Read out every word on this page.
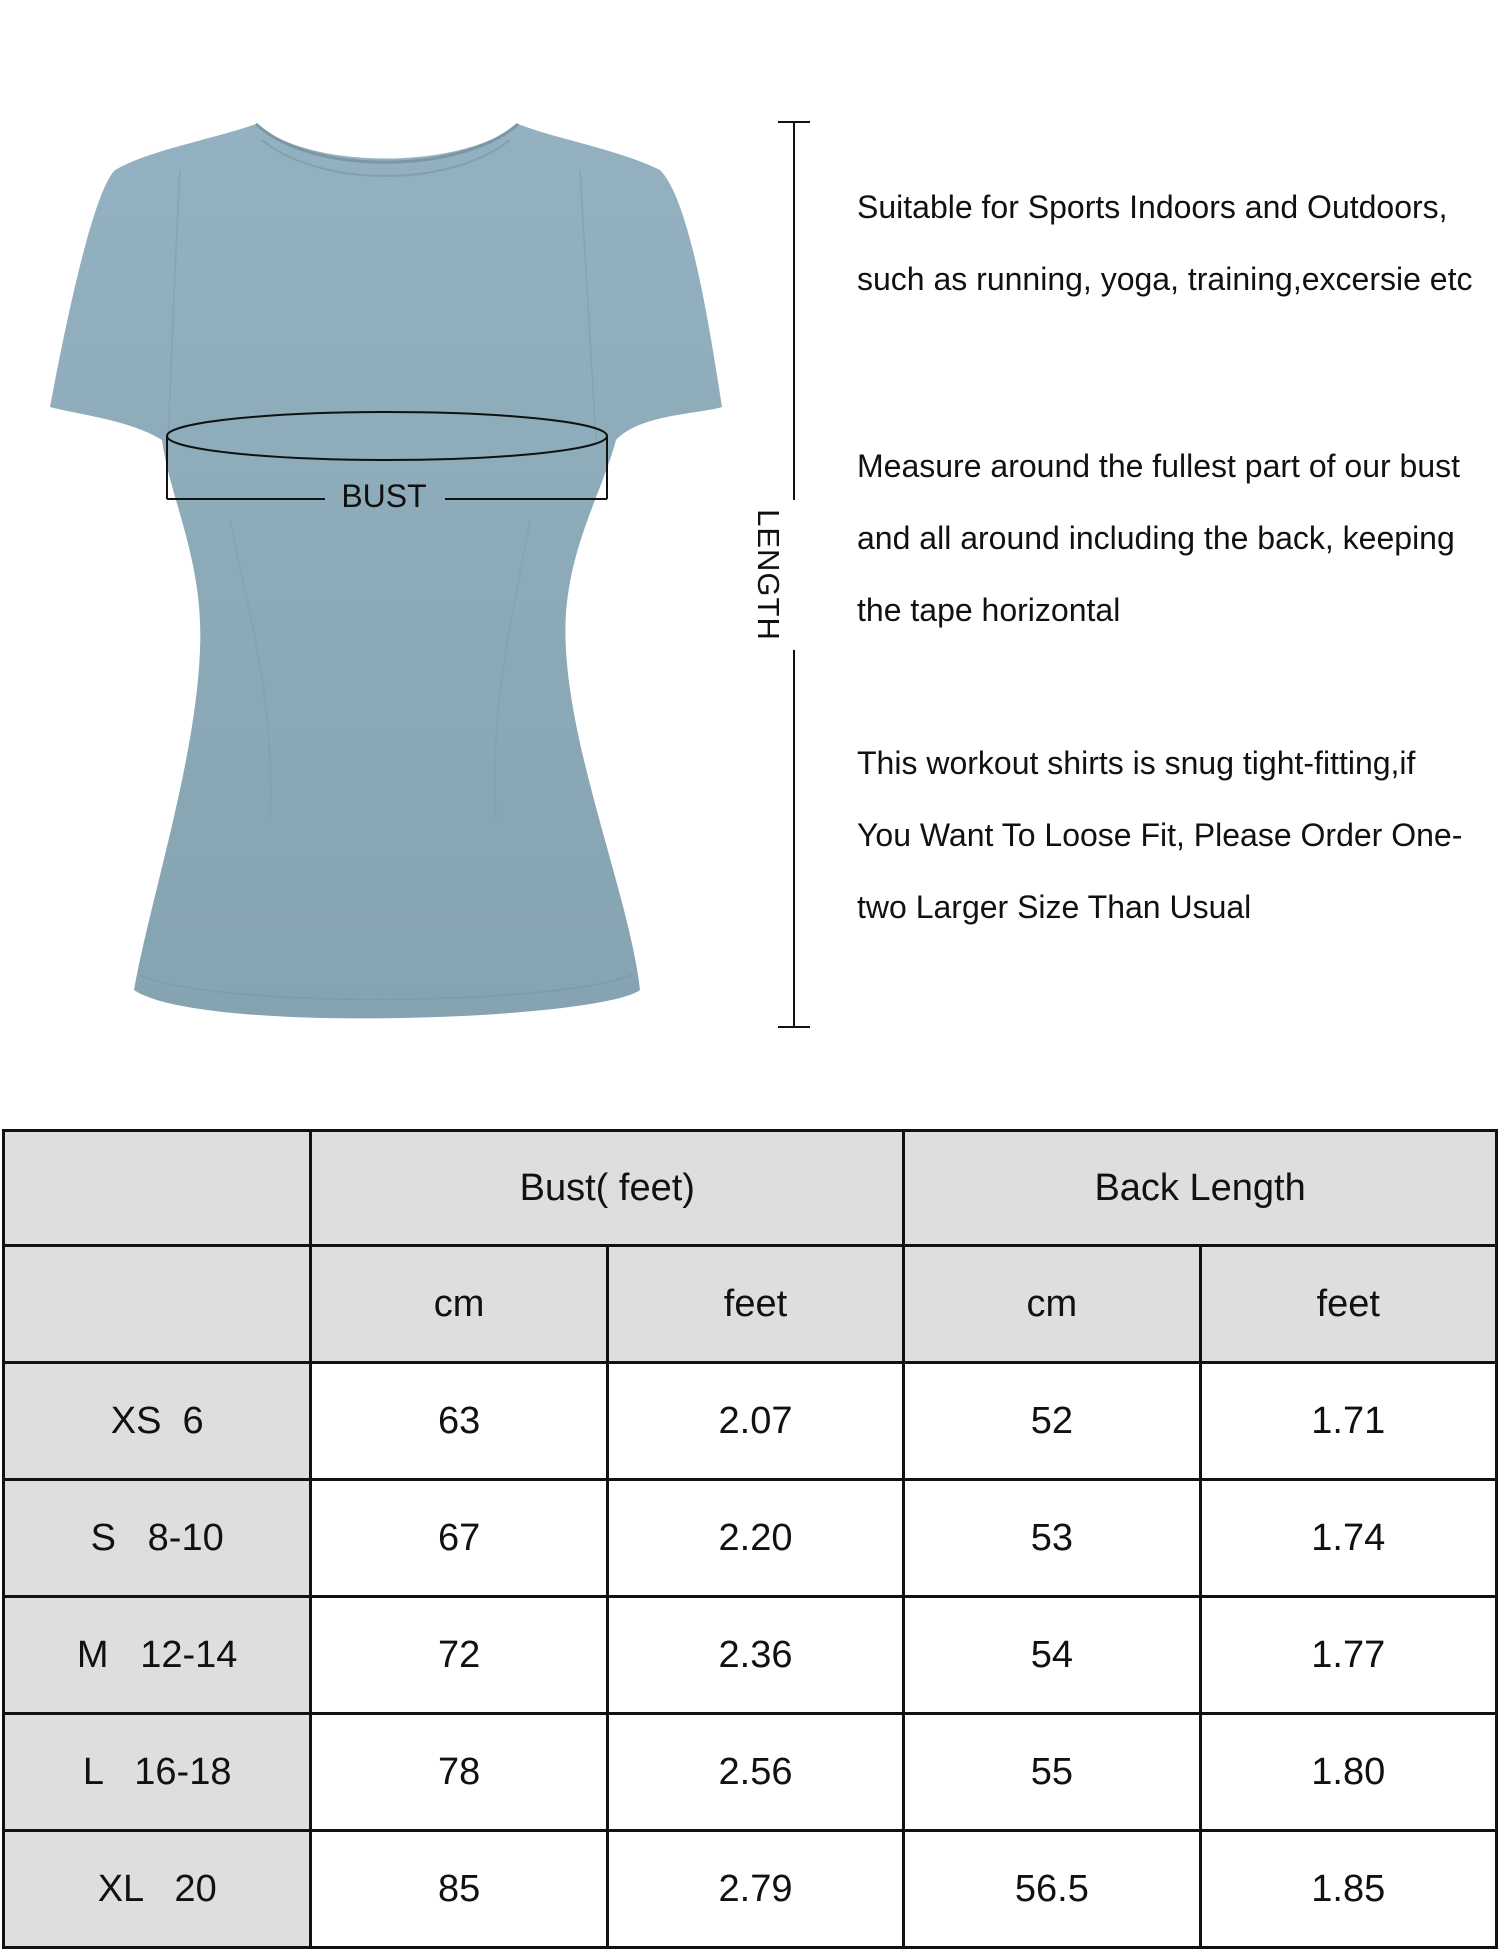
BUST
LENGTH

Suitable for Sports Indoors and Outdoors, such as running, yoga, training,excersie etc

Measure around the fullest part of our bust and all around including the back, keeping the tape horizontal

This workout shirts is snug tight-fitting,if You Want To Loose Fit, Please Order One-two Larger Size Than Usual

	Bust( feet)		Back Length	
	cm	feet	cm	feet
XS  6	63	2.07	52	1.71
S   8-10	67	2.20	53	1.74
M   12-14	72	2.36	54	1.77
L   16-18	78	2.56	55	1.80
XL   20	85	2.79	56.5	1.85
